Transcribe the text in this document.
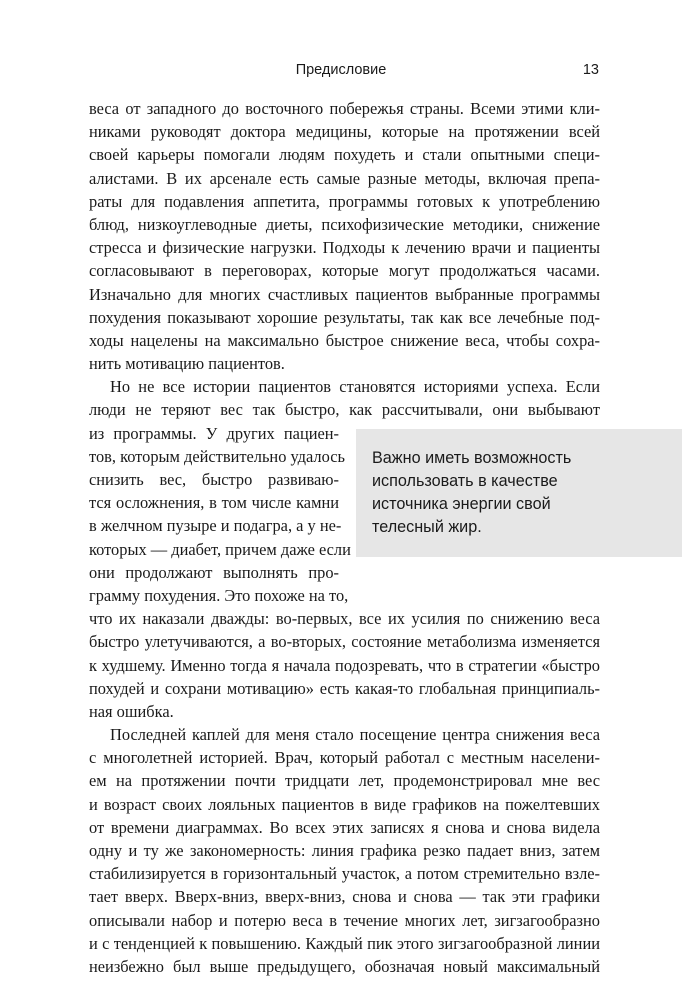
Предисловие	13
Важно иметь возможность
использовать в качестве
источника энергии свой
телесный жир.
веса от западного до восточного побережья страны. Всеми этими кли-
никами руководят доктора медицины, которые на протяжении всей
своей карьеры помогали людям похудеть и стали опытными специ-
алистами. В их арсенале есть самые разные методы, включая препа-
раты для подавления аппетита, программы готовых к употреблению
блюд, низкоуглеводные диеты, психофизические методики, снижение
стресса и физические нагрузки. Подходы к лечению врачи и пациенты
согласовывают в переговорах, которые могут продолжаться часами.
Изначально для многих счастливых пациентов выбранные программы
похудения показывают хорошие результаты, так как все лечебные под-
ходы нацелены на максимально быстрое снижение веса, чтобы сохра-
нить мотивацию пациентов.
Но не все истории пациентов становятся историями успеха. Если
люди не теряют вес так быстро, как рассчитывали, они выбывают
из программы. У других пациен-
тов, которым действительно удалось
снизить вес, быстро развиваю-
тся осложнения, в том числе камни
в желчном пузыре и подагра, а у не-
которых — диабет, причем даже если
они продолжают выполнять про-
грамму похудения. Это похоже на то,
что их наказали дважды: во-первых, все их усилия по снижению веса
быстро улетучиваются, а во-вторых, состояние метаболизма изменяется
к худшему. Именно тогда я начала подозревать, что в стратегии «быстро
похудей и сохрани мотивацию» есть какая-то глобальная принципиаль-
ная ошибка.
Последней каплей для меня стало посещение центра снижения веса
с многолетней историей. Врач, который работал с местным населени-
ем на протяжении почти тридцати лет, продемонстрировал мне вес
и возраст своих лояльных пациентов в виде графиков на пожелтевших
от времени диаграммах. Во всех этих записях я снова и снова видела
одну и ту же закономерность: линия графика резко падает вниз, затем
стабилизируется в горизонтальный участок, а потом стремительно взле-
тает вверх. Вверх-вниз, вверх-вниз, снова и снова — так эти графики
описывали набор и потерю веса в течение многих лет, зигзагообразно
и с тенденцией к повышению. Каждый пик этого зигзагообразной линии
неизбежно был выше предыдущего, обозначая новый максимальный
